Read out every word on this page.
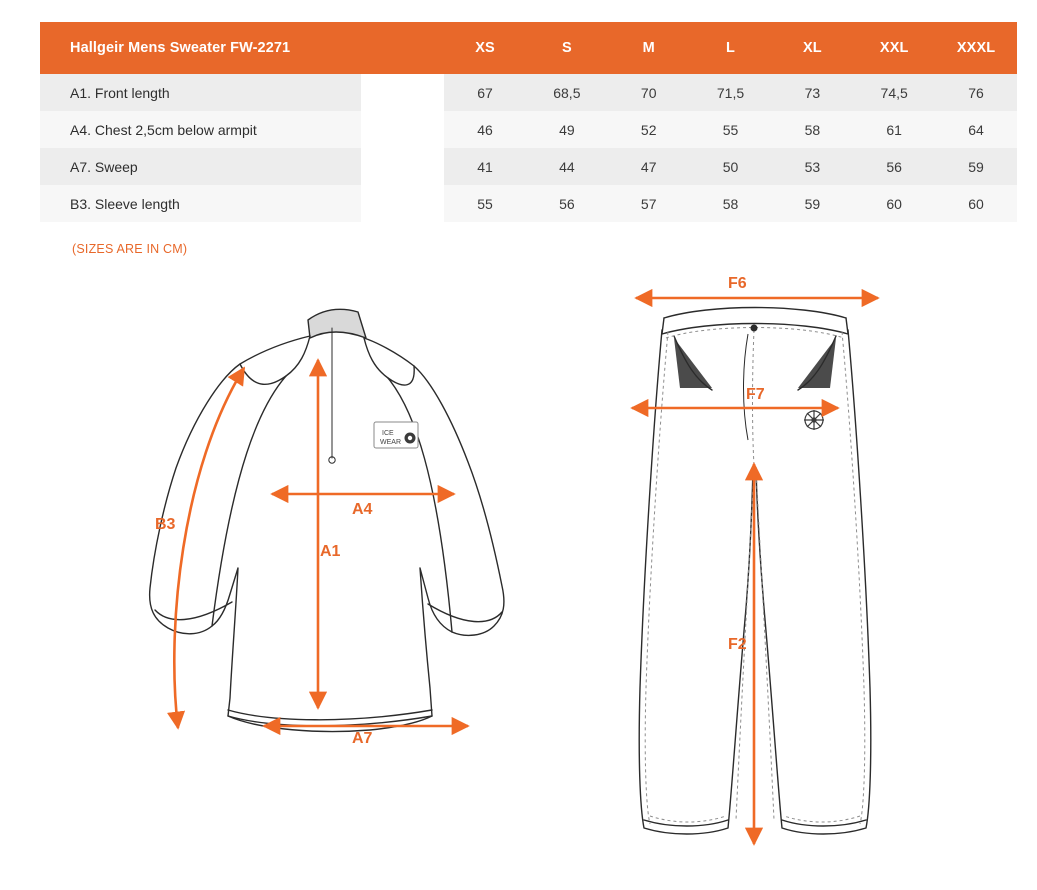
Hallgeir Mens Sweater FW-2271		XS	S	M	L	XL	XXL	XXXL
A1. Front length		67	68,5	70	71,5	73	74,5	76
A4. Chest 2,5cm below armpit		46	49	52	55	58	61	64
A7. Sweep		41	44	47	50	53	56	59
B3. Sleeve length		55	56	57	58	59	60	60
(SIZES ARE IN CM)
ICE
WEAR
B3
A4
A1
A7
F6
F7
F2
